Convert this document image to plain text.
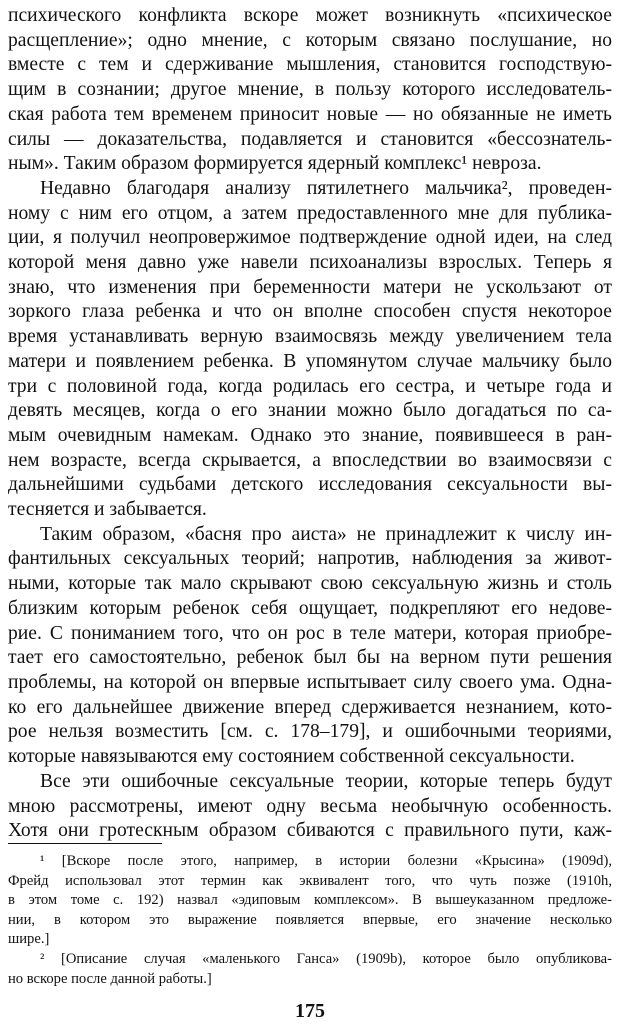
психического конфликта вскоре может возникнуть «психическое
расщепление»; одно мнение, с которым связано послушание, но
вместе с тем и сдерживание мышления, становится господствую-
щим в сознании; другое мнение, в пользу которого исследователь-
ская работа тем временем приносит новые — но обязанные не иметь
силы — доказательства, подавляется и становится «бессознатель-
ным». Таким образом формируется ядерный комплекс¹ невроза.
Недавно благодаря анализу пятилетнего мальчика², проведен-
ному с ним его отцом, а затем предоставленного мне для публика-
ции, я получил неопровержимое подтверждение одной идеи, на след
которой меня давно уже навели психоанализы взрослых. Теперь я
знаю, что изменения при беременности матери не ускользают от
зоркого глаза ребенка и что он вполне способен спустя некоторое
время устанавливать верную взаимосвязь между увеличением тела
матери и появлением ребенка. В упомянутом случае мальчику было
три с половиной года, когда родилась его сестра, и четыре года и
девять месяцев, когда о его знании можно было догадаться по са-
мым очевидным намекам. Однако это знание, появившееся в ран-
нем возрасте, всегда скрывается, а впоследствии во взаимосвязи с
дальнейшими судьбами детского исследования сексуальности вы-
тесняется и забывается.
Таким образом, «басня про аиста» не принадлежит к числу ин-
фантильных сексуальных теорий; напротив, наблюдения за живот-
ными, которые так мало скрывают свою сексуальную жизнь и столь
близким которым ребенок себя ощущает, подкрепляют его недове-
рие. С пониманием того, что он рос в теле матери, которая приобре-
тает его самостоятельно, ребенок был бы на верном пути решения
проблемы, на которой он впервые испытывает силу своего ума. Одна-
ко его дальнейшее движение вперед сдерживается незнанием, кото-
рое нельзя возместить [см. с. 178–179], и ошибочными теориями,
которые навязываются ему состоянием собственной сексуальности.
Все эти ошибочные сексуальные теории, которые теперь будут
мною рассмотрены, имеют одну весьма необычную особенность.
Хотя они гротескным образом сбиваются с правильного пути, каж-
¹ [Вскоре после этого, например, в истории болезни «Крысина» (1909d),
Фрейд использовал этот термин как эквивалент того, что чуть позже (1910h,
в этом томе с. 192) назвал «эдиповым комплексом». В вышеуказанном предложе-
нии, в котором это выражение появляется впервые, его значение несколько
шире.]
² [Описание случая «маленького Ганса» (1909b), которое было опубликова-
но вскоре после данной работы.]
175
